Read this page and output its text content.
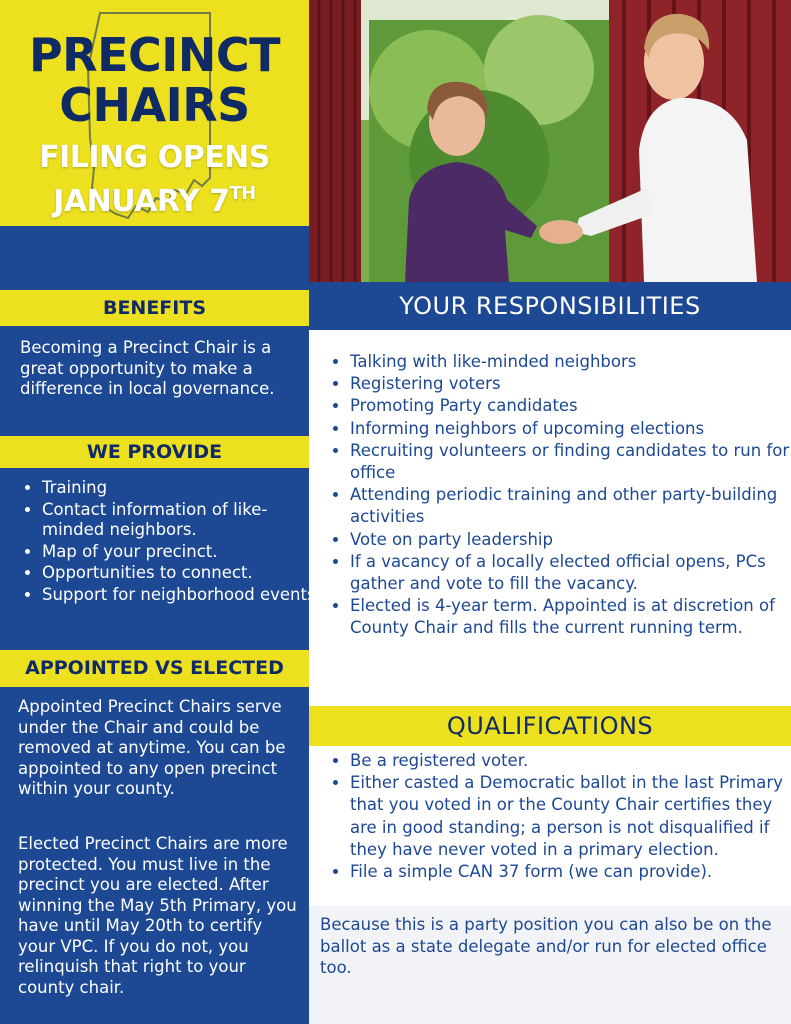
PRECINCT
CHAIRS
FILING OPENS
JANUARY 7TH
BENEFITS
Becoming a Precinct Chair is a great opportunity to make a difference in local governance.
WE PROVIDE
• Training
• Contact information of like-minded neighbors.
• Map of your precinct.
• Opportunities to connect.
• Support for neighborhood events
APPOINTED VS ELECTED
Appointed Precinct Chairs serve under the Chair and could be removed at anytime. You can be appointed to any open precinct within your county.
Elected Precinct Chairs are more protected. You must live in the precinct you are elected. After winning the May 5th Primary, you have until May 20th to certify your VPC. If you do not, you relinquish that right to your county chair.
YOUR RESPONSIBILITIES
• Talking with like-minded neighbors
• Registering voters
• Promoting Party candidates
• Informing neighbors of upcoming elections
• Recruiting volunteers or finding candidates to run for office
• Attending periodic training and other party-building activities
• Vote on party leadership
• If a vacancy of a locally elected official opens, PCs gather and vote to fill the vacancy.
• Elected is 4-year term. Appointed is at discretion of County Chair and fills the current running term.
QUALIFICATIONS
• Be a registered voter.
• Either casted a Democratic ballot in the last Primary that you voted in or the County Chair certifies they are in good standing; a person is not disqualified if they have never voted in a primary election.
• File a simple CAN 37 form (we can provide).
Because this is a party position you can also be on the ballot as a state delegate and/or run for elected office too.
